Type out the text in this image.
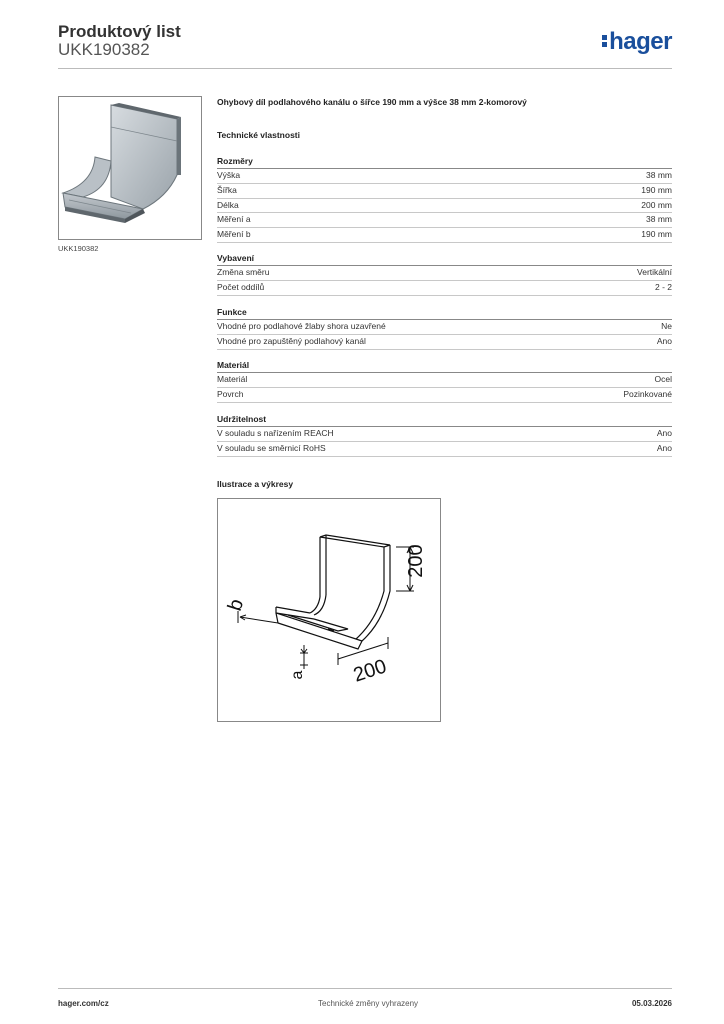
Produktový list
UKK190382	hager
UKK190382
Ohybový díl podlahového kanálu o šířce 190 mm a výšce 38 mm 2-komorový
Technické vlastnosti
Rozměry
Výška	38 mm
Šířka	190 mm
Délka	200 mm
Měření a	38 mm
Měření b	190 mm
Vybavení
Změna směru	Vertikální
Počet oddílů	2 - 2
Funkce
Vhodné pro podlahové žlaby shora uzavřené	Ne
Vhodné pro zapuštěný podlahový kanál	Ano
Materiál
Materiál	Ocel
Povrch	Pozinkované
Udržitelnost
V souladu s nařízením REACH	Ano
V souladu se směrnicí RoHS	Ano
Ilustrace a výkresy
200
200
b
a
hager.com/cz	Technické změny vyhrazeny	05.03.2026
